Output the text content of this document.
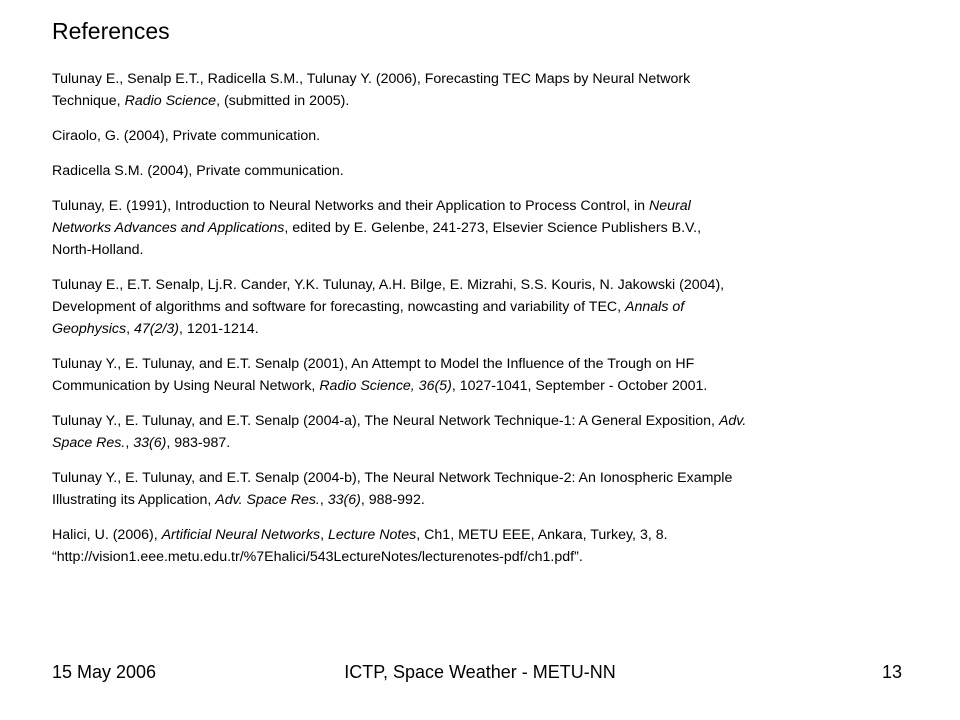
References
Tulunay E., Senalp E.T., Radicella S.M., Tulunay Y. (2006), Forecasting TEC Maps by Neural Network
Technique, Radio Science, (submitted in 2005).
Ciraolo, G. (2004), Private communication.
Radicella S.M. (2004), Private communication.
Tulunay, E. (1991), Introduction to Neural Networks and their Application to Process Control, in Neural
Networks Advances and Applications, edited by E. Gelenbe, 241-273, Elsevier Science Publishers B.V.,
North-Holland.
Tulunay E., E.T. Senalp, Lj.R. Cander, Y.K. Tulunay, A.H. Bilge, E. Mizrahi, S.S. Kouris, N. Jakowski (2004),
Development of algorithms and software for forecasting, nowcasting and variability of TEC, Annals of
Geophysics, 47(2/3), 1201-1214.
Tulunay Y., E. Tulunay, and E.T. Senalp (2001), An Attempt to Model the Influence of the Trough on HF
Communication by Using Neural Network, Radio Science, 36(5), 1027-1041, September - October 2001.
Tulunay Y., E. Tulunay, and E.T. Senalp (2004-a), The Neural Network Technique-1: A General Exposition, Adv.
Space Res., 33(6), 983-987.
Tulunay Y., E. Tulunay, and E.T. Senalp (2004-b), The Neural Network Technique-2: An Ionospheric Example
Illustrating its Application, Adv. Space Res., 33(6), 988-992.
Halici, U. (2006), Artificial Neural Networks, Lecture Notes, Ch1, METU EEE, Ankara, Turkey, 3, 8.
“http://vision1.eee.metu.edu.tr/%7Ehalici/543LectureNotes/lecturenotes-pdf/ch1.pdf”.
15 May 2006	ICTP, Space Weather - METU-NN	13
